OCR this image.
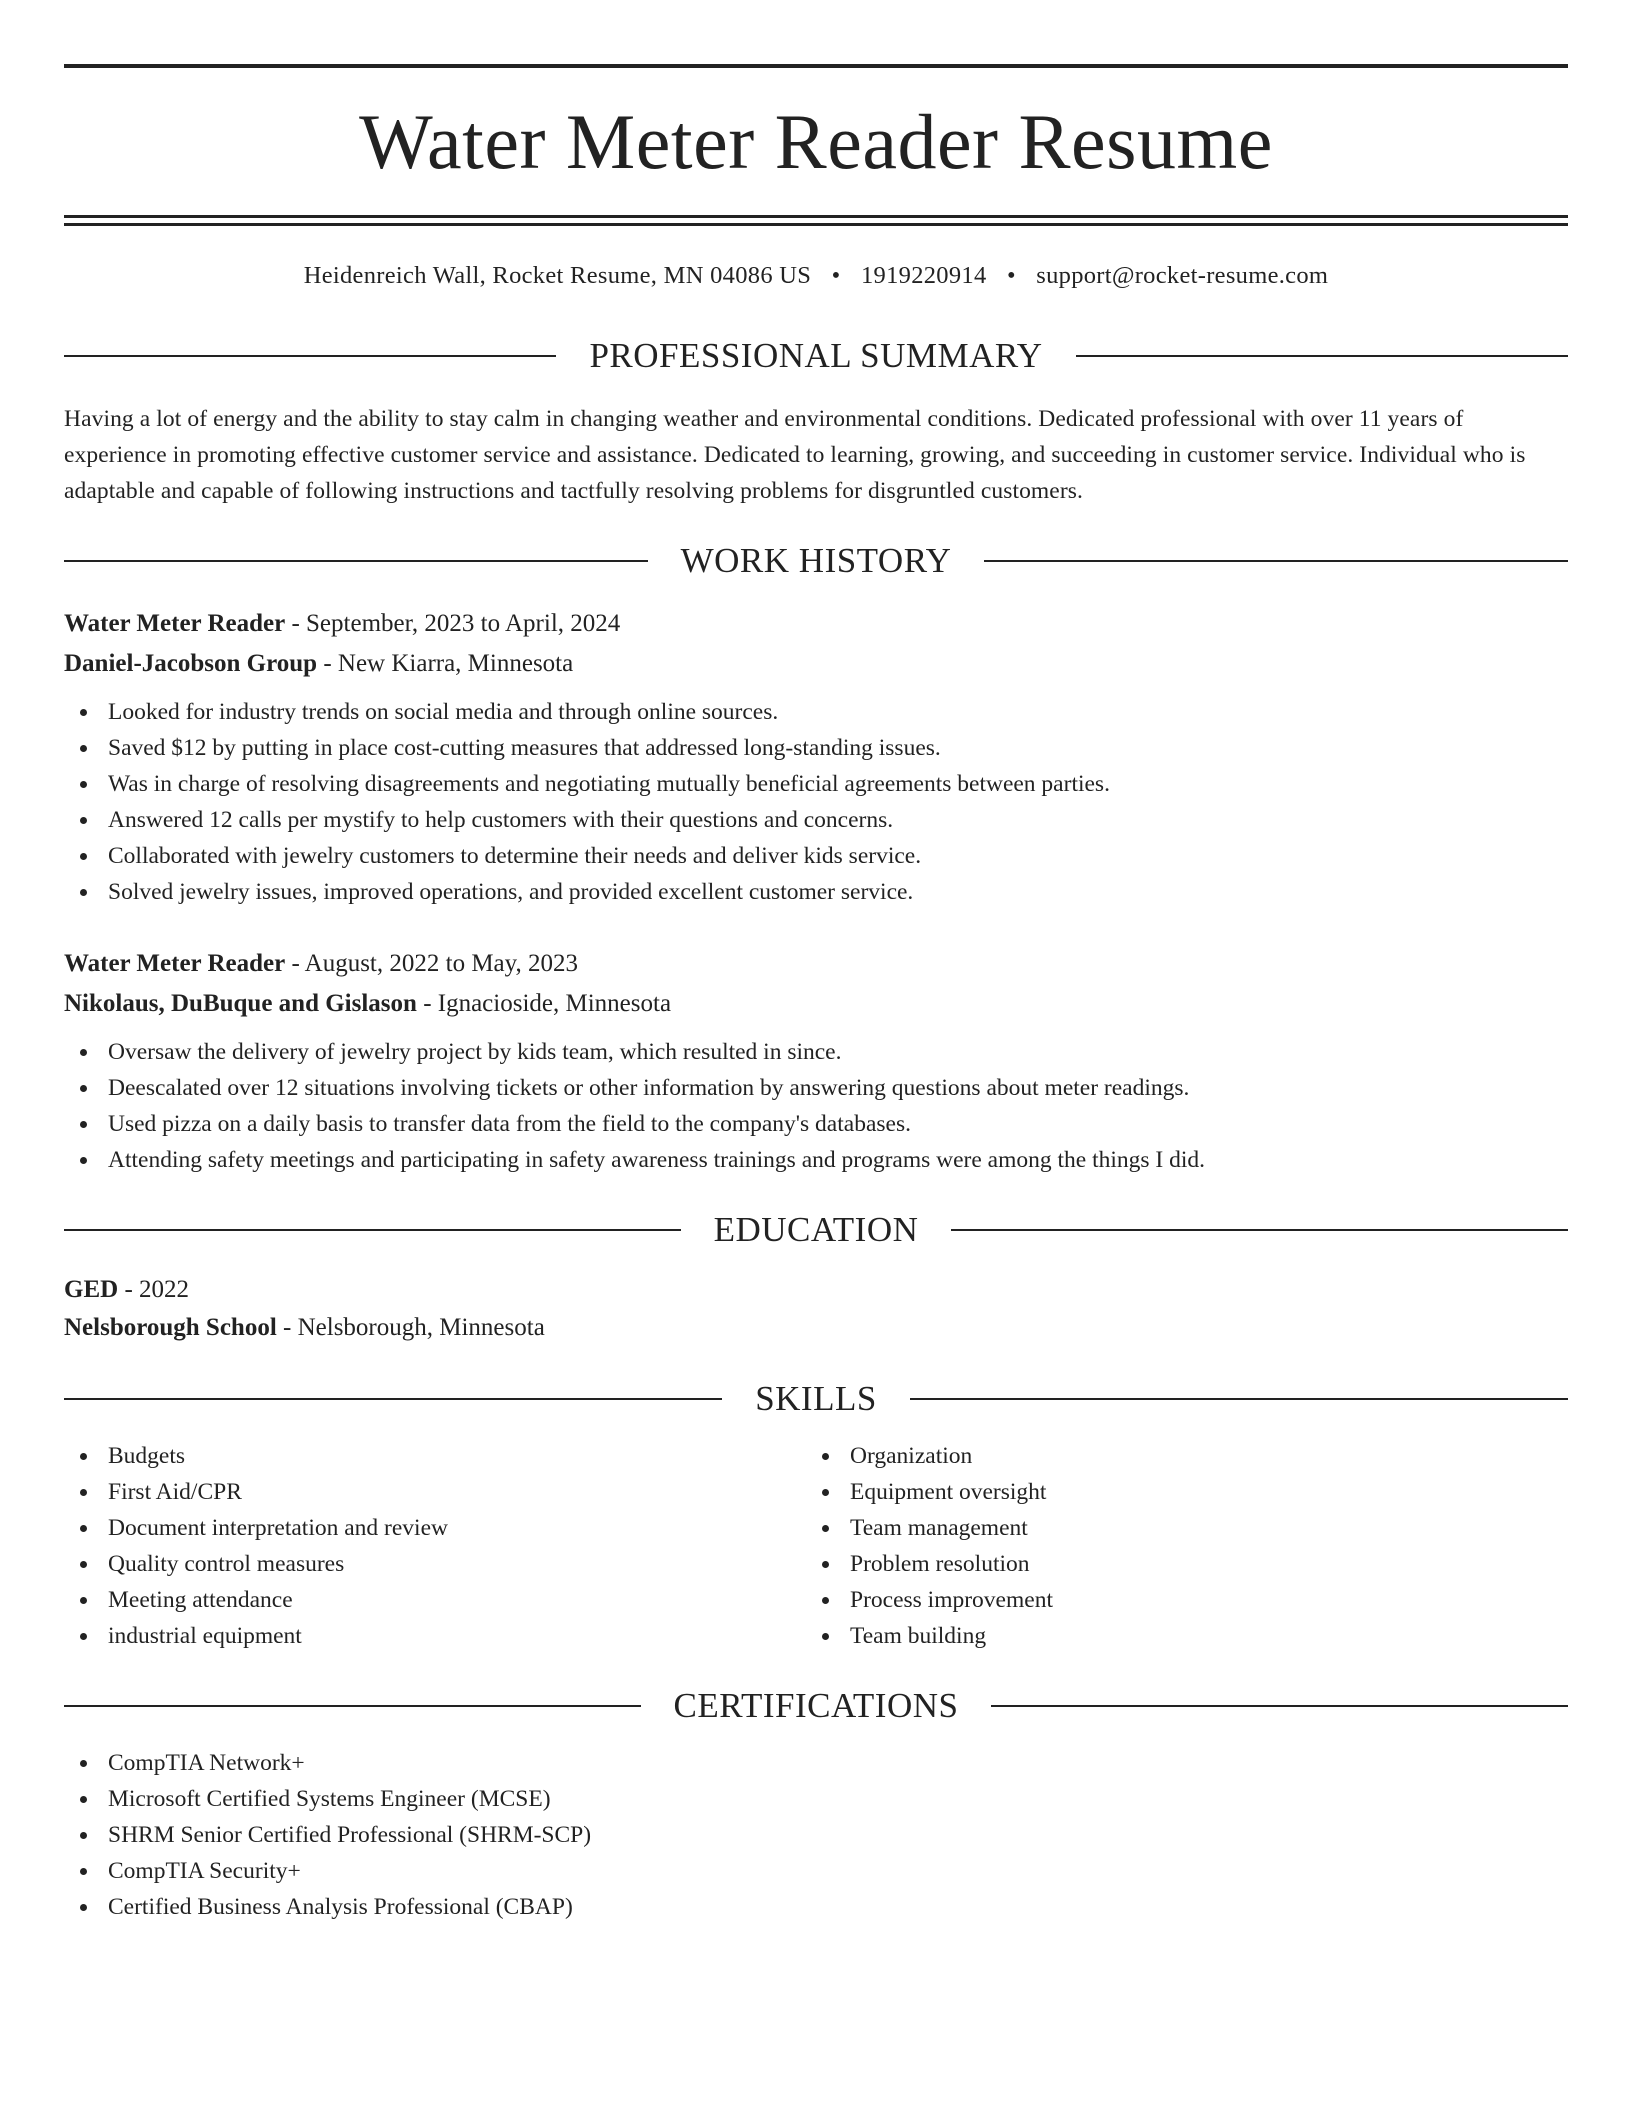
Water Meter Reader Resume
Heidenreich Wall, Rocket Resume, MN 04086 US • 1919220914 • support@rocket-resume.com
PROFESSIONAL SUMMARY

Having a lot of energy and the ability to stay calm in changing weather and environmental conditions. Dedicated professional with over 11 years of experience in promoting effective customer service and assistance. Dedicated to learning, growing, and succeeding in customer service. Individual who is adaptable and capable of following instructions and tactfully resolving problems for disgruntled customers.

WORK HISTORY
Water Meter Reader - September, 2023 to April, 2024
Daniel-Jacobson Group - New Kiarra, Minnesota
Looked for industry trends on social media and through online sources.
Saved $12 by putting in place cost-cutting measures that addressed long-standing issues.
Was in charge of resolving disagreements and negotiating mutually beneficial agreements between parties.
Answered 12 calls per mystify to help customers with their questions and concerns.
Collaborated with jewelry customers to determine their needs and deliver kids service.
Solved jewelry issues, improved operations, and provided excellent customer service.
Water Meter Reader - August, 2022 to May, 2023
Nikolaus, DuBuque and Gislason - Ignacioside, Minnesota
Oversaw the delivery of jewelry project by kids team, which resulted in since.
Deescalated over 12 situations involving tickets or other information by answering questions about meter readings.
Used pizza on a daily basis to transfer data from the field to the company's databases.
Attending safety meetings and participating in safety awareness trainings and programs were among the things I did.
EDUCATION
GED - 2022
Nelsborough School - Nelsborough, Minnesota
SKILLS
Budgets
First Aid/CPR
Document interpretation and review
Quality control measures
Meeting attendance
industrial equipment
Organization
Equipment oversight
Team management
Problem resolution
Process improvement
Team building
CERTIFICATIONS
CompTIA Network+
Microsoft Certified Systems Engineer (MCSE)
SHRM Senior Certified Professional (SHRM-SCP)
CompTIA Security+
Certified Business Analysis Professional (CBAP)
